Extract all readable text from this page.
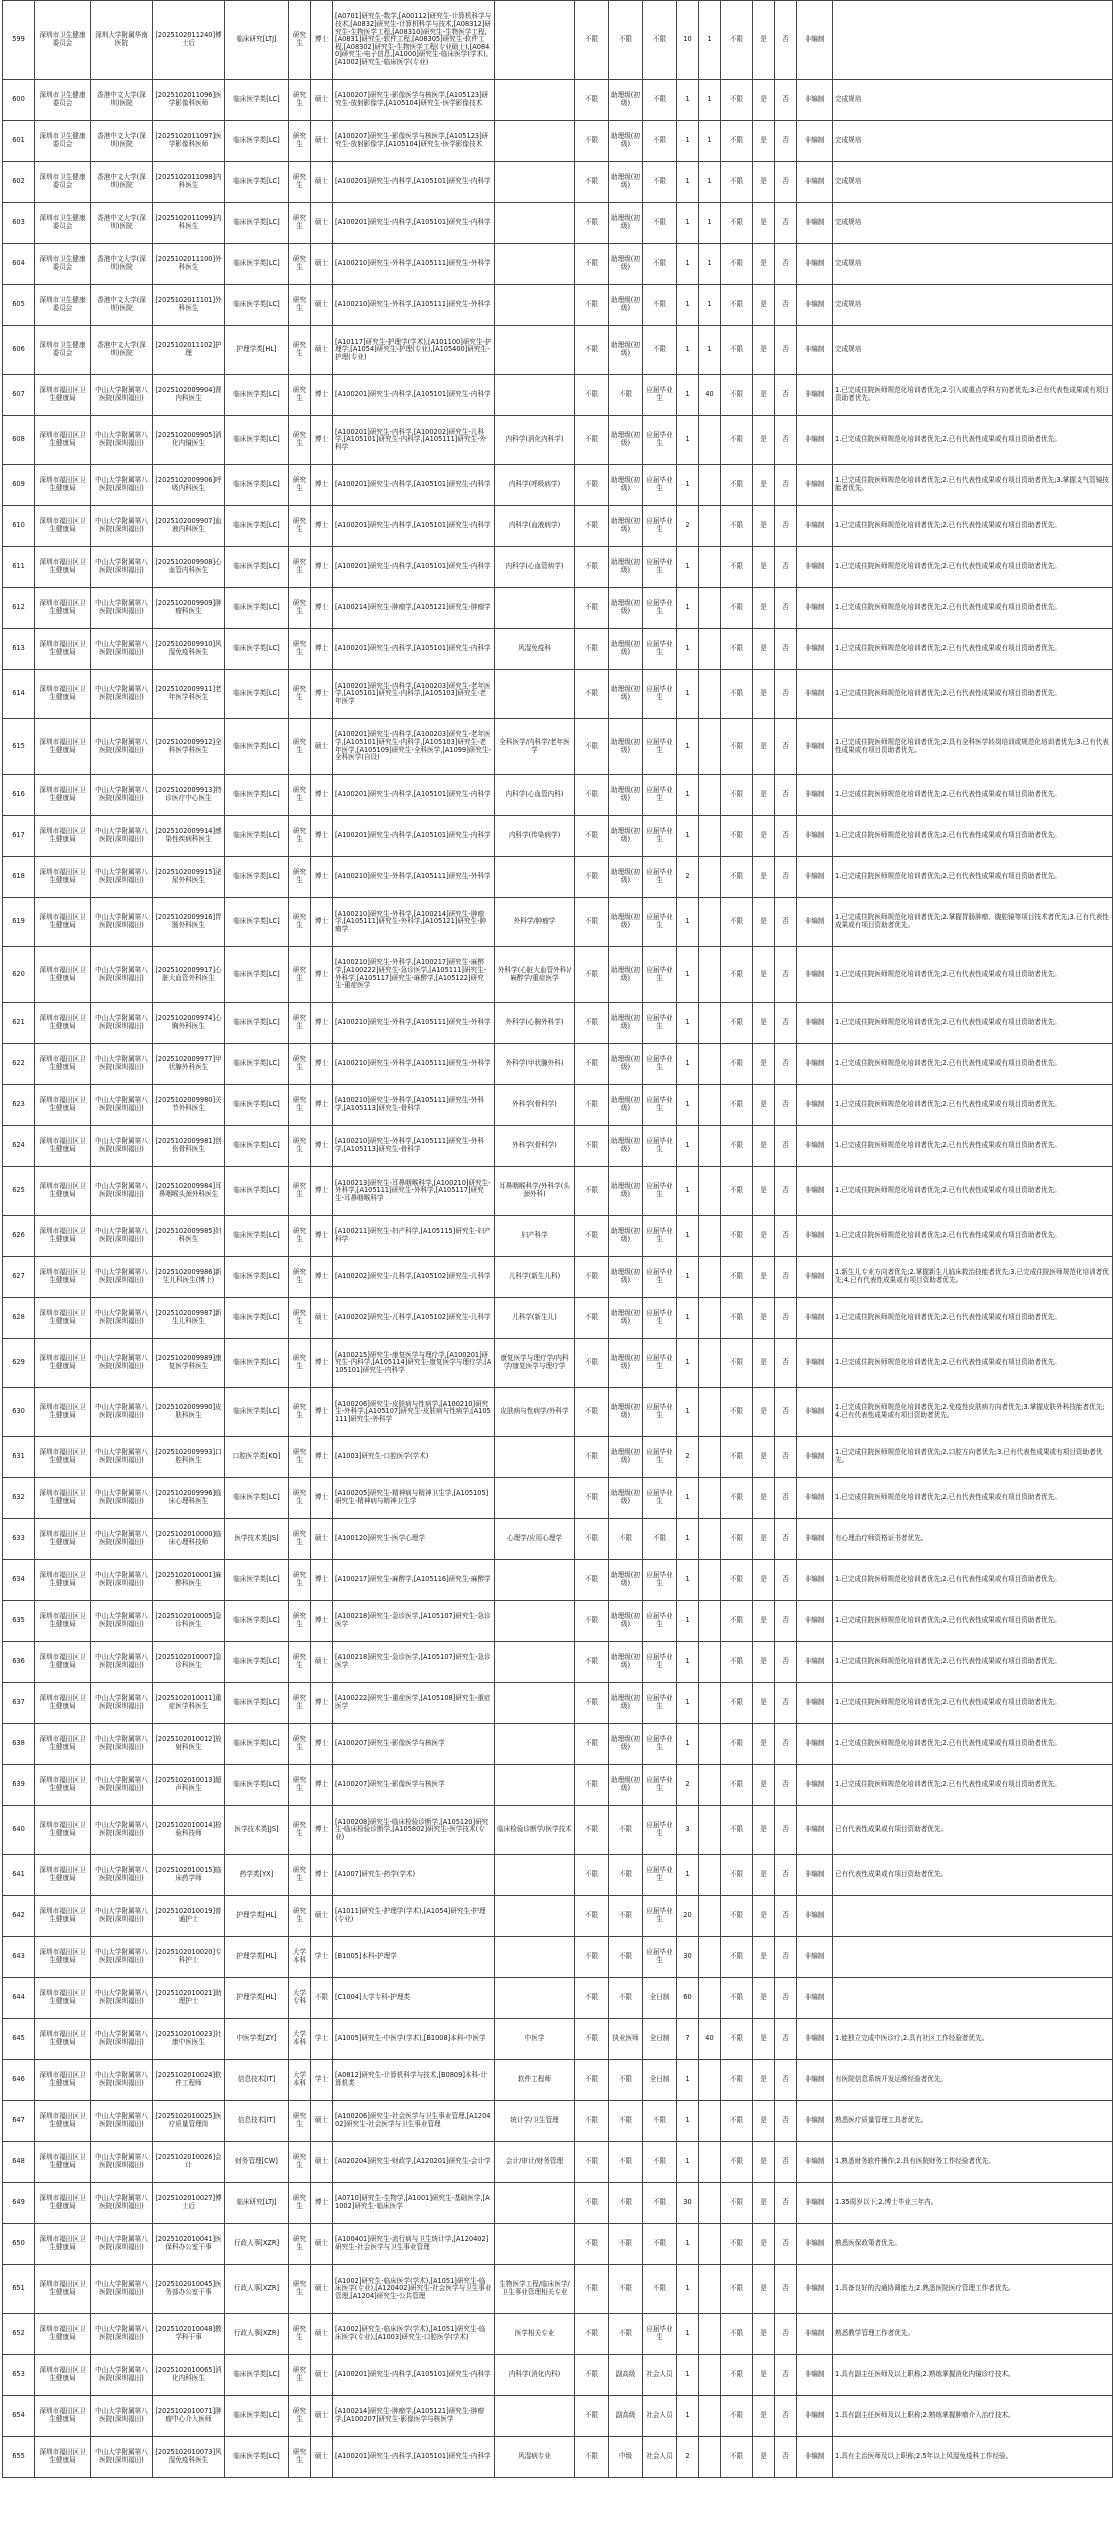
599	深圳市卫生健康委员会	深圳大学附属华南医院	[2025102011240]博士后	临床研究[LTJ]	研究生	博士	[A0701]研究生-数学,[A00112]研究生-计算机科学与技术,[A0832]研究生-计算机科学与技术,[A08312]研究生-生物医学工程,[A08310]研究生-生物医学工程,[A0831]研究生-软件工程,[A08305]研究生-软件工程,[A08302]研究生-生物医学工程(专业硕士),[A0840]研究生-电子信息,[A1000]研究生-临床医学(学术),[A1002]研究生-临床医学(专业)		不限	不限	不限	10	1	不限	是	否	非编制	
600	深圳市卫生健康委员会	香港中文大学(深圳)医院	[2025102011096]医学影像科医师	临床医学类[LC]	研究生	硕士	[A100207]研究生-影像医学与核医学,[A105123]研究生-放射影像学,[A105104]研究生-医学影像技术		不限	助理级(初级)	不限	1	1	不限	是	否	非编制	完成规培
601	深圳市卫生健康委员会	香港中文大学(深圳)医院	[2025102011097]医学影像科医师	临床医学类[LC]	研究生	硕士	[A100207]研究生-影像医学与核医学,[A105123]研究生-放射影像学,[A105104]研究生-医学影像技术		不限	助理级(初级)	不限	1	1	不限	是	否	非编制	完成规培
602	深圳市卫生健康委员会	香港中文大学(深圳)医院	[2025102011098]内科医生	临床医学类[LC]	研究生	硕士	[A100201]研究生-内科学,[A105101]研究生-内科学		不限	助理级(初级)	不限	1	1	不限	是	否	非编制	完成规培
603	深圳市卫生健康委员会	香港中文大学(深圳)医院	[2025102011099]内科医生	临床医学类[LC]	研究生	硕士	[A100201]研究生-内科学,[A105101]研究生-内科学		不限	助理级(初级)	不限	1	1	不限	是	否	非编制	完成规培
604	深圳市卫生健康委员会	香港中文大学(深圳)医院	[2025102011100]外科医生	临床医学类[LC]	研究生	硕士	[A100210]研究生-外科学,[A105111]研究生-外科学		不限	助理级(初级)	不限	1	1	不限	是	否	非编制	完成规培
605	深圳市卫生健康委员会	香港中文大学(深圳)医院	[2025102011101]外科医生	临床医学类[LC]	研究生	硕士	[A100210]研究生-外科学,[A105111]研究生-外科学		不限	助理级(初级)	不限	1	1	不限	是	否	非编制	完成规培
606	深圳市卫生健康委员会	香港中文大学(深圳)医院	[2025102011102]护理	护理学类[HL]	研究生	硕士	[A10117]研究生-护理学(学术),[A101100]研究生-护理学,[A1054]研究生-护理(专业),[A105400]研究生-护理(专业)		不限	助理级(初级)	不限	1	1	不限	是	否	非编制	完成规培
607	深圳市福田区卫生健康局	中山大学附属第八医院(深圳福田)	[2025102009904]肾内科医生	临床医学类[LC]	研究生	博士	[A100201]研究生-内科学,[A105101]研究生-内科学		不限	不限	应届毕业生	1	40	不限	是	否	非编制	1.已完成住院医师规范化培训者优先;2.引入或重点学科方向者优先;3.已有代表性成果或有项目资助者优先。
608	深圳市福田区卫生健康局	中山大学附属第八医院(深圳福田)	[2025102009905]消化内镜医生	临床医学类[LC]	研究生	博士	[A100201]研究生-内科学,[A100202]研究生-儿科学,[A105101]研究生-内科学,[A105111]研究生-外科学	内科学(消化内科学)	不限	助理级(初级)	应届毕业生	1		不限	是	否	非编制	1.已完成住院医师规范化培训者优先;2.已有代表性成果或有项目资助者优先。
609	深圳市福田区卫生健康局	中山大学附属第八医院(深圳福田)	[2025102009906]呼吸内科医生	临床医学类[LC]	研究生	博士	[A100201]研究生-内科学,[A105101]研究生-内科学	内科学(呼吸病学)	不限	助理级(初级)	应届毕业生	1		不限	是	否	非编制	1.已完成住院医师规范化培训者优先;2.已有代表性成果或有项目资助者优先;3.掌握支气管镜技能者优先。
610	深圳市福田区卫生健康局	中山大学附属第八医院(深圳福田)	[2025102009907]血液内科医生	临床医学类[LC]	研究生	博士	[A100201]研究生-内科学,[A105101]研究生-内科学	内科学(血液病学)	不限	助理级(初级)	应届毕业生	2		不限	是	否	非编制	1.已完成住院医师规范化培训者优先;2.已有代表性成果或有项目资助者优先。
611	深圳市福田区卫生健康局	中山大学附属第八医院(深圳福田)	[2025102009908]心血管内科医生	临床医学类[LC]	研究生	博士	[A100201]研究生-内科学,[A105101]研究生-内科学	内科学(心血管病学)	不限	助理级(初级)	应届毕业生	1		不限	是	否	非编制	1.已完成住院医师规范化培训者优先;2.已有代表性成果或有项目资助者优先。
612	深圳市福田区卫生健康局	中山大学附属第八医院(深圳福田)	[2025102009909]肿瘤科医生	临床医学类[LC]	研究生	博士	[A100214]研究生-肿瘤学,[A105121]研究生-肿瘤学		不限	助理级(初级)	应届毕业生	1		不限	是	否	非编制	1.已完成住院医师规范化培训者优先;2.已有代表性成果或有项目资助者优先。
613	深圳市福田区卫生健康局	中山大学附属第八医院(深圳福田)	[2025102009910]风湿免疫科医生	临床医学类[LC]	研究生	博士	[A100201]研究生-内科学,[A105101]研究生-内科学	风湿免疫科	不限	助理级(初级)	应届毕业生	1		不限	是	否	非编制	1.已完成住院医师规范化培训者优先;2.已有代表性成果或有项目资助者优先。
614	深圳市福田区卫生健康局	中山大学附属第八医院(深圳福田)	[2025102009911]老年医学科医生	临床医学类[LC]	研究生	博士	[A100201]研究生-内科学,[A100203]研究生-老年医学,[A105101]研究生-内科学,[A105103]研究生-老年医学		不限	助理级(初级)	应届毕业生	1		不限	是	否	非编制	1.已完成住院医师规范化培训者优先;2.已有代表性成果或有项目资助者优先。
615	深圳市福田区卫生健康局	中山大学附属第八医院(深圳福田)	[2025102009912]全科医学科医生	临床医学类[LC]	研究生	硕士	[A100201]研究生-内科学,[A100203]研究生-老年医学,[A105101]研究生-内科学,[A105103]研究生-老年医学,[A105109]研究生-全科医学,[A1099]研究生-全科医学(自设)	全科医学/内科学/老年医学	不限	助理级(初级)	应届毕业生	1		不限	是	否	非编制	1.已完成住院医师规范化培训者优先;2.具有全科医学转岗培训或规范化培训者优先;3.已有代表性成果或有项目资助者优先。
616	深圳市福田区卫生健康局	中山大学附属第八医院(深圳福田)	[2025102009913]特诊医疗中心医生	临床医学类[LC]	研究生	博士	[A100201]研究生-内科学,[A105101]研究生-内科学	内科学(心血管内科)	不限	助理级(初级)	应届毕业生	1		不限	是	否	非编制	1.已完成住院医师规范化培训者优先;2.已有代表性成果或有项目资助者优先。
617	深圳市福田区卫生健康局	中山大学附属第八医院(深圳福田)	[2025102009914]感染性疾病科医生	临床医学类[LC]	研究生	博士	[A100201]研究生-内科学,[A105101]研究生-内科学	内科学(传染病学)	不限	助理级(初级)	应届毕业生	1		不限	是	否	非编制	1.已完成住院医师规范化培训者优先;2.已有代表性成果或有项目资助者优先。
618	深圳市福田区卫生健康局	中山大学附属第八医院(深圳福田)	[2025102009915]泌尿外科医生	临床医学类[LC]	研究生	博士	[A100210]研究生-外科学,[A105111]研究生-外科学		不限	助理级(初级)	应届毕业生	2		不限	是	否	非编制	1.已完成住院医师规范化培训者优先;2.已有代表性成果或有项目资助者优先。
619	深圳市福田区卫生健康局	中山大学附属第八医院(深圳福田)	[2025102009916]胃肠外科医生	临床医学类[LC]	研究生	博士	[A100210]研究生-外科学,[A100214]研究生-肿瘤学,[A105111]研究生-外科学,[A105121]研究生-肿瘤学	外科学/肿瘤学	不限	助理级(初级)	应届毕业生	1		不限	是	否	非编制	1.已完成住院医师规范化培训者优先;2.掌握胃肠肿瘤、腹腔镜等项目技术者优先;3.已有代表性成果或有项目资助者优先。
620	深圳市福田区卫生健康局	中山大学附属第八医院(深圳福田)	[2025102009917]心脏大血管外科医生	临床医学类[LC]	研究生	博士	[A100210]研究生-外科学,[A100217]研究生-麻醉学,[A100222]研究生-急诊医学,[A105111]研究生-外科学,[A105117]研究生-麻醉学,[A105122]研究生-重症医学	外科学(心脏大血管外科)/麻醉学/重症医学	不限	助理级(初级)	应届毕业生	1		不限	是	否	非编制	1.已完成住院医师规范化培训者优先;2.已有代表性成果或有项目资助者优先。
621	深圳市福田区卫生健康局	中山大学附属第八医院(深圳福田)	[2025102009974]心胸外科医生	临床医学类[LC]	研究生	博士	[A100210]研究生-外科学,[A105111]研究生-外科学	外科学(心胸外科学)	不限	助理级(初级)	应届毕业生	1		不限	是	否	非编制	1.已完成住院医师规范化培训者优先;2.已有代表性成果或有项目资助者优先。
622	深圳市福田区卫生健康局	中山大学附属第八医院(深圳福田)	[2025102009977]甲状腺外科医生	临床医学类[LC]	研究生	博士	[A100210]研究生-外科学,[A105111]研究生-外科学	外科学(甲状腺外科)	不限	助理级(初级)	应届毕业生	1		不限	是	否	非编制	1.已完成住院医师规范化培训者优先;2.已有代表性成果或有项目资助者优先。
623	深圳市福田区卫生健康局	中山大学附属第八医院(深圳福田)	[2025102009980]关节外科医生	临床医学类[LC]	研究生	博士	[A100210]研究生-外科学,[A105111]研究生-外科学,[A105113]研究生-骨科学	外科学(骨科学)	不限	助理级(初级)	应届毕业生	1		不限	是	否	非编制	1.已完成住院医师规范化培训者优先;2.已有代表性成果或有项目资助者优先。
624	深圳市福田区卫生健康局	中山大学附属第八医院(深圳福田)	[2025102009981]创伤骨科医生	临床医学类[LC]	研究生	博士	[A100210]研究生-外科学,[A105111]研究生-外科学,[A105113]研究生-骨科学	外科学(骨科学)	不限	助理级(初级)	应届毕业生	1		不限	是	否	非编制	1.已完成住院医师规范化培训者优先;2.已有代表性成果或有项目资助者优先。
625	深圳市福田区卫生健康局	中山大学附属第八医院(深圳福田)	[2025102009984]耳鼻咽喉头颈外科医生	临床医学类[LC]	研究生	博士	[A100213]研究生-耳鼻咽喉科学,[A100210]研究生-外科学,[A105111]研究生-外科学,[A105117]研究生-耳鼻咽喉科学	耳鼻咽喉科学/外科学(头颈外科)	不限	助理级(初级)	应届毕业生	1		不限	是	否	非编制	1.已完成住院医师规范化培训者优先;2.已有代表性成果或有项目资助者优先。
626	深圳市福田区卫生健康局	中山大学附属第八医院(深圳福田)	[2025102009985]妇科医生	临床医学类[LC]	研究生	博士	[A100211]研究生-妇产科学,[A105115]研究生-妇产科学	妇产科学	不限	助理级(初级)	应届毕业生	1		不限	是	否	非编制	1.已完成住院医师规范化培训者优先;2.已有代表性成果或有项目资助者优先。
627	深圳市福田区卫生健康局	中山大学附属第八医院(深圳福田)	[2025102009986]新生儿科医生(博士)	临床医学类[LC]	研究生	博士	[A100202]研究生-儿科学,[A105102]研究生-儿科学	儿科学(新生儿科)	不限	助理级(初级)	应届毕业生	1		不限	是	否	非编制	1.新生儿专业方向者优先;2.掌握新生儿临床救治技能者优先;3.已完成住院医师规范化培训者优先;4.已有代表性成果或有项目资助者优先。
628	深圳市福田区卫生健康局	中山大学附属第八医院(深圳福田)	[2025102009987]新生儿科医生	临床医学类[LC]	研究生	硕士	[A100202]研究生-儿科学,[A105102]研究生-儿科学	儿科学(新生儿)	不限	助理级(初级)	应届毕业生	1		不限	是	否	非编制	1.已完成住院医师规范化培训者优先;2.已有代表性成果或有项目资助者优先。
629	深圳市福田区卫生健康局	中山大学附属第八医院(深圳福田)	[2025102009989]康复医学科医生	临床医学类[LC]	研究生	博士	[A100215]研究生-康复医学与理疗学,[A100201]研究生-内科学,[A105114]研究生-康复医学与理疗学,[A105101]研究生-内科学	康复医学与理疗学/内科学/康复医学与理疗学	不限	助理级(初级)	应届毕业生	1		不限	是	否	非编制	1.已完成住院医师规范化培训者优先;2.已有代表性成果或有项目资助者优先。
630	深圳市福田区卫生健康局	中山大学附属第八医院(深圳福田)	[2025102009990]皮肤科医生	临床医学类[LC]	研究生	博士	[A100206]研究生-皮肤病与性病学,[A100210]研究生-外科学,[A105107]研究生-皮肤病与性病学,[A105111]研究生-外科学	皮肤病与性病学/外科学	不限	助理级(初级)	应届毕业生	1		不限	是	否	非编制	1.已完成住院医师规范化培训者优先;2.免疫性皮肤病方向者优先;3.掌握皮肤外科技能者优先;4.已有代表性成果或有项目资助者优先。
631	深圳市福田区卫生健康局	中山大学附属第八医院(深圳福田)	[2025102009993]口腔科医生	口腔医学类[KQ]	研究生	博士	[A1003]研究生-口腔医学(学术)		不限	助理级(初级)	应届毕业生	2		不限	是	否	非编制	1.已完成住院医师规范化培训者优先;2.口腔方向者优先;3.已有代表性成果或有项目资助者优先。
632	深圳市福田区卫生健康局	中山大学附属第八医院(深圳福田)	[2025102009996]临床心理科医生	临床医学类[LC]	研究生	博士	[A100205]研究生-精神病与精神卫生学,[A105105]研究生-精神病与精神卫生学		不限	助理级(初级)	应届毕业生	1		不限	是	否	非编制	1.已完成住院医师规范化培训者优先;2.已有代表性成果或有项目资助者优先。
633	深圳市福田区卫生健康局	中山大学附属第八医院(深圳福田)	[2025102010000]临床心理科技师	医学技术类[JS]	研究生	硕士	[A100120]研究生-医学心理学	心理学/应用心理学	不限	不限	不限	1		不限	是	否	非编制	有心理治疗师资格证书者优先。
634	深圳市福田区卫生健康局	中山大学附属第八医院(深圳福田)	[2025102010001]麻醉科医生	临床医学类[LC]	研究生	博士	[A100217]研究生-麻醉学,[A105116]研究生-麻醉学		不限	助理级(初级)	应届毕业生	1		不限	是	否	非编制	1.已完成住院医师规范化培训者优先;2.已有代表性成果或有项目资助者优先。
635	深圳市福田区卫生健康局	中山大学附属第八医院(深圳福田)	[2025102010005]急诊科医生	临床医学类[LC]	研究生	博士	[A100218]研究生-急诊医学,[A105107]研究生-急诊医学		不限	助理级(初级)	应届毕业生	1		不限	是	否	非编制	1.已完成住院医师规范化培训者优先;2.已有代表性成果或有项目资助者优先。
636	深圳市福田区卫生健康局	中山大学附属第八医院(深圳福田)	[2025102010007]急诊科医生	临床医学类[LC]	研究生	硕士	[A100218]研究生-急诊医学,[A105107]研究生-急诊医学		不限	助理级(初级)	应届毕业生	1		不限	是	否	非编制	1.已完成住院医师规范化培训者优先;2.已有代表性成果或有项目资助者优先。
637	深圳市福田区卫生健康局	中山大学附属第八医院(深圳福田)	[2025102010011]重症医学科医生	临床医学类[LC]	研究生	博士	[A100222]研究生-重症医学,[A105108]研究生-重症医学		不限	助理级(初级)	应届毕业生	1		不限	是	否	非编制	1.已完成住院医师规范化培训者优先;2.已有代表性成果或有项目资助者优先。
638	深圳市福田区卫生健康局	中山大学附属第八医院(深圳福田)	[2025102010012]放射科医生	临床医学类[LC]	研究生	博士	[A100207]研究生-影像医学与核医学		不限	助理级(初级)	应届毕业生	1		不限	是	否	非编制	1.已完成住院医师规范化培训者优先;2.已有代表性成果或有项目资助者优先。
639	深圳市福田区卫生健康局	中山大学附属第八医院(深圳福田)	[2025102010013]超声科医生	临床医学类[LC]	研究生	博士	[A100207]研究生-影像医学与核医学		不限	助理级(初级)	应届毕业生	2		不限	是	否	非编制	1.已完成住院医师规范化培训者优先;2.已有代表性成果或有项目资助者优先。
640	深圳市福田区卫生健康局	中山大学附属第八医院(深圳福田)	[2025102010014]检验科技师	医学技术类[JS]	研究生	博士	[A100208]研究生-临床检验诊断学,[A105120]研究生-临床检验诊断学,[A105802]研究生-医学技术(专业)	临床检验诊断学/医学技术	不限	不限	应届毕业生	3		不限	是	否	非编制	已有代表性成果或有项目资助者优先。
641	深圳市福田区卫生健康局	中山大学附属第八医院(深圳福田)	[2025102010015]临床药学师	药学类[YX]	研究生	博士	[A1007]研究生-药学(学术)		不限	不限	应届毕业生	1		不限	是	否	非编制	已有代表性成果或有项目资助者优先。
642	深圳市福田区卫生健康局	中山大学附属第八医院(深圳福田)	[2025102010019]普通护士	护理学类[HL]	研究生	硕士	[A1011]研究生-护理学(学术),[A1054]研究生-护理(专业)		不限	不限	应届毕业生	20		不限	是	否	非编制	
643	深圳市福田区卫生健康局	中山大学附属第八医院(深圳福田)	[2025102010020]专科护士	护理学类[HL]	大学本科	学士	[B1005]本科-护理学		不限	不限	应届毕业生	30		不限	是	否	非编制	
644	深圳市福田区卫生健康局	中山大学附属第八医院(深圳福田)	[2025102010021]助理护士	护理学类[HL]	大学专科	不限	[C1004]大学专科-护理类		不限	不限	全日制	60		不限	是	否	非编制	
645	深圳市福田区卫生健康局	中山大学附属第八医院(深圳福田)	[2025102010023]社康中医医生	中医学类[ZY]	大学本科	学士	[A1005]研究生-中医学(学术),[B1008]本科-中医学	中医学	不限	执业医师	全日制	7	40	不限	是	否	非编制	1.能独立完成中医诊疗;2.具有社区工作经验者优先。
646	深圳市福田区卫生健康局	中山大学附属第八医院(深圳福田)	[2025102010024]软件工程师	信息技术[IT]	大学本科	学士	[A0812]研究生-计算机科学与技术,[B0809]本科-计算机类	软件工程师	不限	不限	全日制	1		不限	是	否	非编制	有医院信息系统开发运维经验者优先。
647	深圳市福田区卫生健康局	中山大学附属第八医院(深圳福田)	[2025102010025]医疗质量管理岗	信息技术[IT]	研究生	硕士	[A100206]研究生-社会医学与卫生事业管理,[A120402]研究生-社会医学与卫生事业管理	统计学/卫生管理	不限	不限	不限	1		不限	是	否	非编制	熟悉医疗质量管理工具者优先。
648	深圳市福田区卫生健康局	中山大学附属第八医院(深圳福田)	[2025102010026]会计	财务管理[CW]	研究生	硕士	[A020204]研究生-财政学,[A120201]研究生-会计学	会计/审计/财务管理	不限	不限	不限	1		不限	是	否	非编制	1.熟悉财务软件操作;2.具有医院财务工作经验者优先。
649	深圳市福田区卫生健康局	中山大学附属第八医院(深圳福田)	[2025102010027]博士后	临床研究[LTJ]	研究生	博士	[A0710]研究生-生物学,[A1001]研究生-基础医学,[A1002]研究生-临床医学		不限	不限	不限	30		不限	是	否	非编制	1.35周岁以下;2.博士毕业三年内。
650	深圳市福田区卫生健康局	中山大学附属第八医院(深圳福田)	[2025102010041]医保科办公室干事	行政人事[XZR]	研究生	硕士	[A100401]研究生-流行病与卫生统计学,[A120402]研究生-社会医学与卫生事业管理		不限	不限	不限	1		不限	是	否	非编制	熟悉医保政策者优先。
651	深圳市福田区卫生健康局	中山大学附属第八医院(深圳福田)	[2025102010045]医务部办公室干事	行政人事[XZR]	研究生	硕士	[A1002]研究生-临床医学(学术),[A1051]研究生-临床医学(专业),[A120402]研究生-社会医学与卫生事业管理,[A1204]研究生-公共管理	生物医学工程/临床医学/卫生事业管理相关专业	不限	不限	不限	1		不限	是	否	非编制	1.具备良好的沟通协调能力;2.熟悉医院医疗管理工作者优先。
652	深圳市福田区卫生健康局	中山大学附属第八医院(深圳福田)	[2025102010048]教学科干事	行政人事[XZR]	研究生	硕士	[A1002]研究生-临床医学(学术),[A1051]研究生-临床医学(专业),[A1003]研究生-口腔医学(学术)	医学相关专业	不限	不限	应届毕业生	1		不限	是	否	非编制	熟悉教学管理工作者优先。
653	深圳市福田区卫生健康局	中山大学附属第八医院(深圳福田)	[2025102010065]消化内科医生	临床医学类[LC]	研究生	硕士	[A100201]研究生-内科学,[A105101]研究生-内科学	内科学(消化内科)	不限	副高级	社会人员	1		不限	是	否	非编制	1.具有副主任医师及以上职称;2.熟练掌握消化内镜诊疗技术。
654	深圳市福田区卫生健康局	中山大学附属第八医院(深圳福田)	[2025102010071]肿瘤中心介入医师	临床医学类[LC]	研究生	硕士	[A100214]研究生-肿瘤学,[A105121]研究生-肿瘤学,[A100207]研究生-影像医学与核医学		不限	副高级	社会人员	1		不限	是	否	非编制	1.具有副主任医师及以上职称;2.熟练掌握肿瘤介入治疗技术。
655	深圳市福田区卫生健康局	中山大学附属第八医院(深圳福田)	[2025102010073]风湿免疫科医生	临床医学类[LC]	研究生	硕士	[A100201]研究生-内科学,[A105101]研究生-内科学	风湿病专业	不限	中级	社会人员	2		不限	是	否	非编制	1.具有主治医师及以上职称;2.5年以上风湿免疫科工作经验。
